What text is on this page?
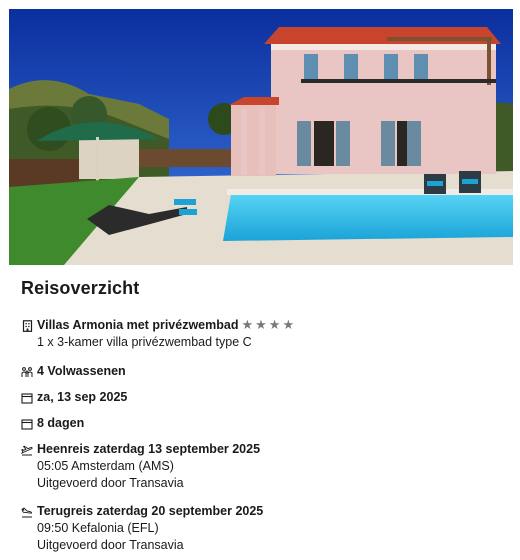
Reisoverzicht
Villas Armonia met privézwembad ★ ★ ★ ★
1 x 3-kamer villa privézwembad type C
4 Volwassenen
za, 13 sep 2025
8 dagen
Heenreis zaterdag 13 september 2025
05:05 Amsterdam (AMS)
Uitgevoerd door Transavia
Terugreis zaterdag 20 september 2025
09:50 Kefalonia (EFL)
Uitgevoerd door Transavia
